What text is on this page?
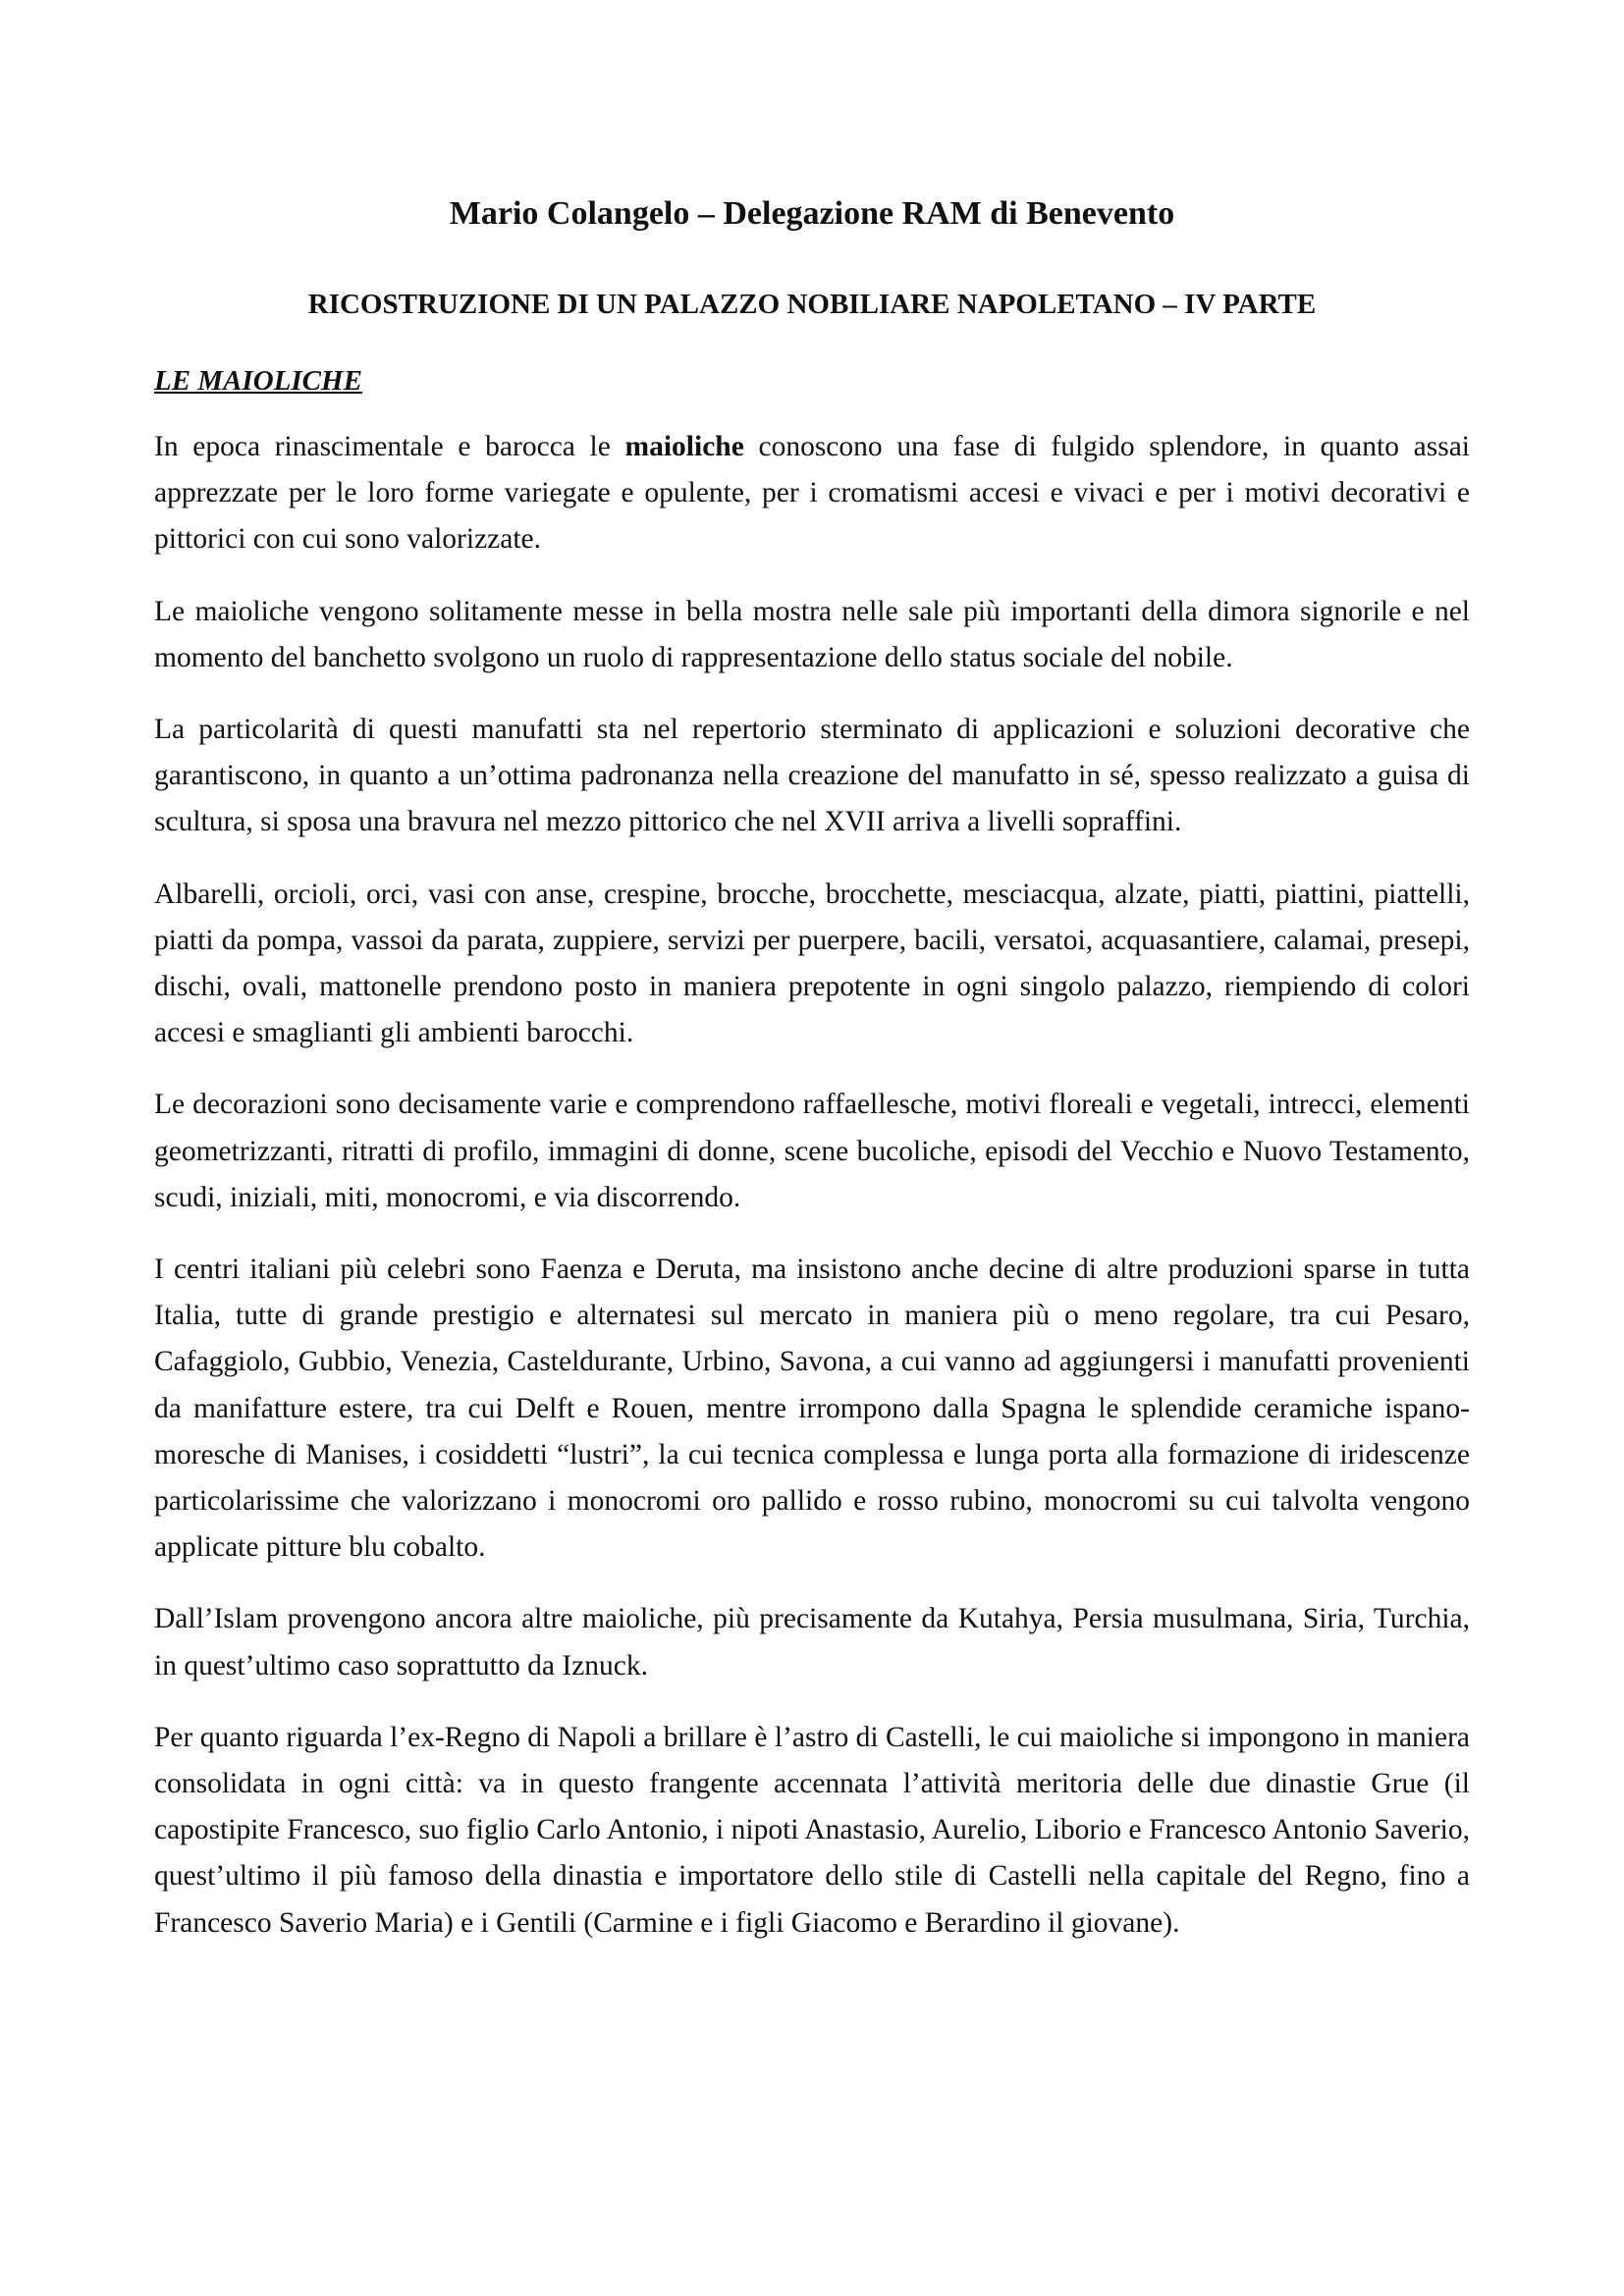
Mario Colangelo – Delegazione RAM di Benevento
RICOSTRUZIONE DI UN PALAZZO NOBILIARE NAPOLETANO – IV PARTE
LE MAIOLICHE

In epoca rinascimentale e barocca le maioliche conoscono una fase di fulgido splendore, in quanto assai apprezzate per le loro forme variegate e opulente, per i cromatismi accesi e vivaci e per i motivi decorativi e pittorici con cui sono valorizzate.

Le maioliche vengono solitamente messe in bella mostra nelle sale più importanti della dimora signorile e nel momento del banchetto svolgono un ruolo di rappresentazione dello status sociale del nobile.

La particolarità di questi manufatti sta nel repertorio sterminato di applicazioni e soluzioni decorative che garantiscono, in quanto a un’ottima padronanza nella creazione del manufatto in sé, spesso realizzato a guisa di scultura, si sposa una bravura nel mezzo pittorico che nel XVII arriva a livelli sopraffini.

Albarelli, orcioli, orci, vasi con anse, crespine, brocche, brocchette, mesciacqua, alzate, piatti, piattini, piattelli, piatti da pompa, vassoi da parata, zuppiere, servizi per puerpere, bacili, versatoi, acquasantiere, calamai, presepi, dischi, ovali, mattonelle prendono posto in maniera prepotente in ogni singolo palazzo, riempiendo di colori accesi e smaglianti gli ambienti barocchi.

Le decorazioni sono decisamente varie e comprendono raffaellesche, motivi floreali e vegetali, intrecci, elementi geometrizzanti, ritratti di profilo, immagini di donne, scene bucoliche, episodi del Vecchio e Nuovo Testamento, scudi, iniziali, miti, monocromi, e via discorrendo.

I centri italiani più celebri sono Faenza e Deruta, ma insistono anche decine di altre produzioni sparse in tutta Italia, tutte di grande prestigio e alternatesi sul mercato in maniera più o meno regolare, tra cui Pesaro, Cafaggiolo, Gubbio, Venezia, Casteldurante, Urbino, Savona, a cui vanno ad aggiungersi i manufatti provenienti da manifatture estere, tra cui Delft e Rouen, mentre irrompono dalla Spagna le splendide ceramiche ispano-moresche di Manises, i cosiddetti “lustri”, la cui tecnica complessa e lunga porta alla formazione di iridescenze particolarissime che valorizzano i monocromi oro pallido e rosso rubino, monocromi su cui talvolta vengono applicate pitture blu cobalto.

Dall’Islam provengono ancora altre maioliche, più precisamente da Kutahya, Persia musulmana, Siria, Turchia, in quest’ultimo caso soprattutto da Iznuck.

Per quanto riguarda l’ex-Regno di Napoli a brillare è l’astro di Castelli, le cui maioliche si impongono in maniera consolidata in ogni città: va in questo frangente accennata l’attività meritoria delle due dinastie Grue (il capostipite Francesco, suo figlio Carlo Antonio, i nipoti Anastasio, Aurelio, Liborio e Francesco Antonio Saverio, quest’ultimo il più famoso della dinastia e importatore dello stile di Castelli nella capitale del Regno, fino a Francesco Saverio Maria) e i Gentili (Carmine e i figli Giacomo e Berardino il giovane).
